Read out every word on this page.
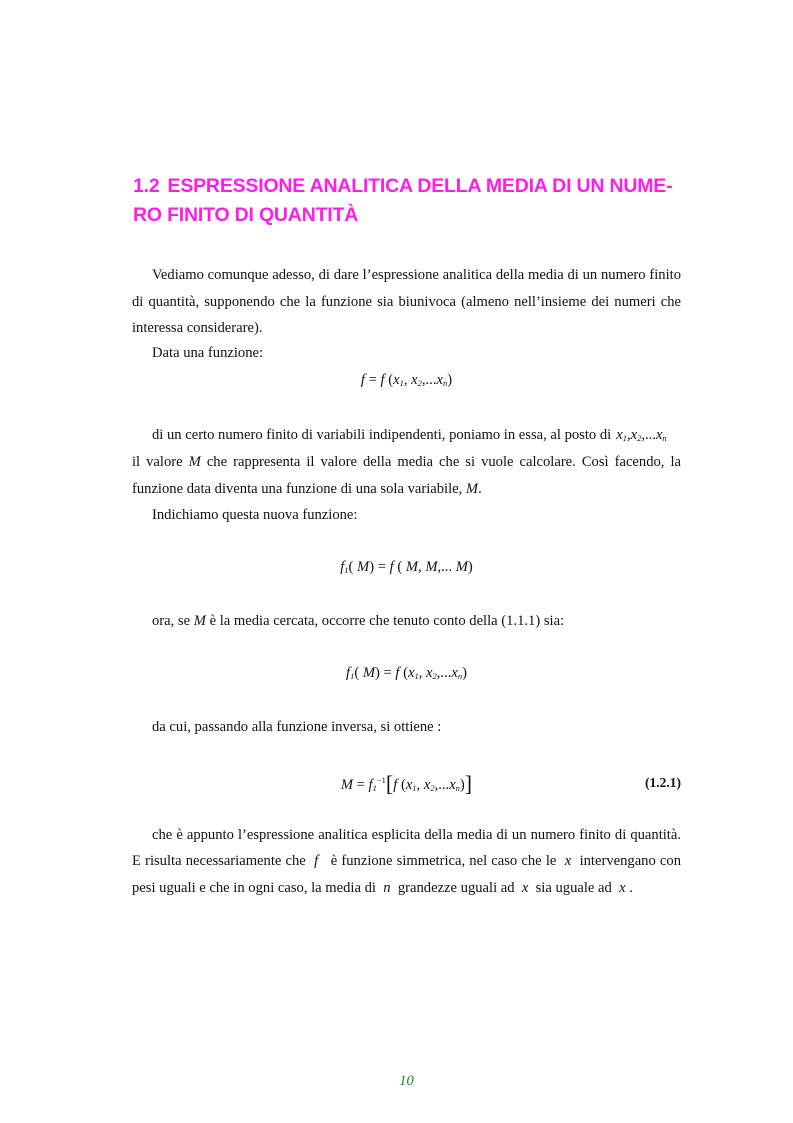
1.2 ESPRESSIONE ANALITICA DELLA MEDIA DI UN NUME-RO FINITO DI QUANTITÀ
Vediamo comunque adesso, di dare l’espressione analitica della media di un numero finito di quantità, supponendo che la funzione sia biunivoca (almeno nell’insieme dei numeri che interessa considerare).
Data una funzione:
f = f ($x_1$, $x_2,...x_n$)
di un certo numero finito di variabili indipendenti, poniamo in essa, al posto di $x_1,x_2,...x_n$
il valore M che rappresenta il valore della media che si vuole calcolare. Così facendo, la
funzione data diventa una funzione di una sola variabile, M.
Indichiamo questa nuova funzione:
$f_1$( M) = f ( M, M,... M)
ora, se M è la media cercata, occorre che tenuto conto della (1.1.1) sia:
$f_1$( M) = f ($x_1$, $x_2,...x_n$)
da cui, passando alla funzione inversa, si ottiene :
$M = f_1^{-1}[f$ ($x_1$, $x_2,...x_n$)]	(1.2.1)
che è appunto l’espressione analitica esplicita della media di un numero finito di quantità.
E risulta necessariamente che f è funzione simmetrica, nel caso che le x intervengano con
pesi uguali e che in ogni caso, la media di n grandezze uguali ad x sia uguale ad x .
10
